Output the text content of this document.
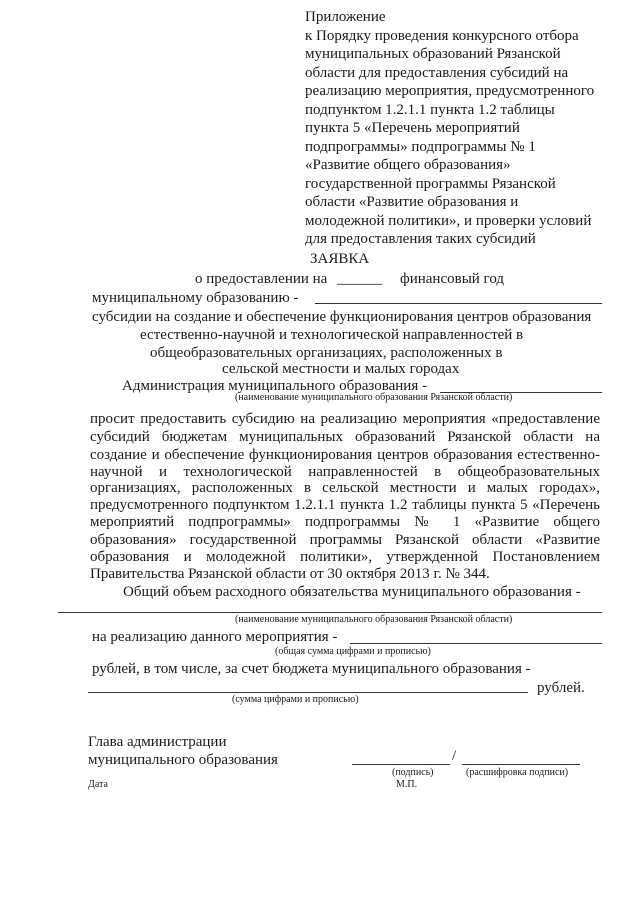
Приложение
к Порядку проведения конкурсного отбора
муниципальных образований Рязанской
области для предоставления субсидий на
реализацию мероприятия, предусмотренного
подпунктом 1.2.1.1 пункта 1.2 таблицы
пункта 5 «Перечень мероприятий
подпрограммы» подпрограммы № 1
«Развитие общего образования»
государственной программы Рязанской
области «Развитие образования и
молодежной политики», и проверки условий
для предоставления таких субсидий
ЗАЯВКА
о предоставлении на ______ финансовый год
муниципальному образованию -
субсидии на создание и обеспечение функционирования центров образования
естественно-научной и технологической направленностей в
общеобразовательных организациях, расположенных в
сельской местности и малых городах
Администрация муниципального образования -
(наименование муниципального образования Рязанской области)
просит предоставить субсидию на реализацию мероприятия «предоставление
субсидий бюджетам муниципальных образований Рязанской области на
создание и обеспечение функционирования центров образования естественно-
научной и технологической направленностей в общеобразовательных
организациях, расположенных в сельской местности и малых городах»,
предусмотренного подпунктом 1.2.1.1 пункта 1.2 таблицы пункта 5 «Перечень
мероприятий подпрограммы» подпрограммы № 1 «Развитие общего
образования» государственной программы Рязанской области «Развитие
образования и молодежной политики», утвержденной Постановлением
Правительства Рязанской области от 30 октября 2013 г. № 344.
Общий объем расходного обязательства муниципального образования -
(наименование муниципального образования Рязанской области)
на реализацию данного мероприятия -
(общая сумма цифрами и прописью)
рублей, в том числе, за счет бюджета муниципального образования -
рублей.
(сумма цифрами и прописью)
Глава администрации
муниципального образования	/
(подпись)	(расшифровка подписи)
Дата	М.П.
